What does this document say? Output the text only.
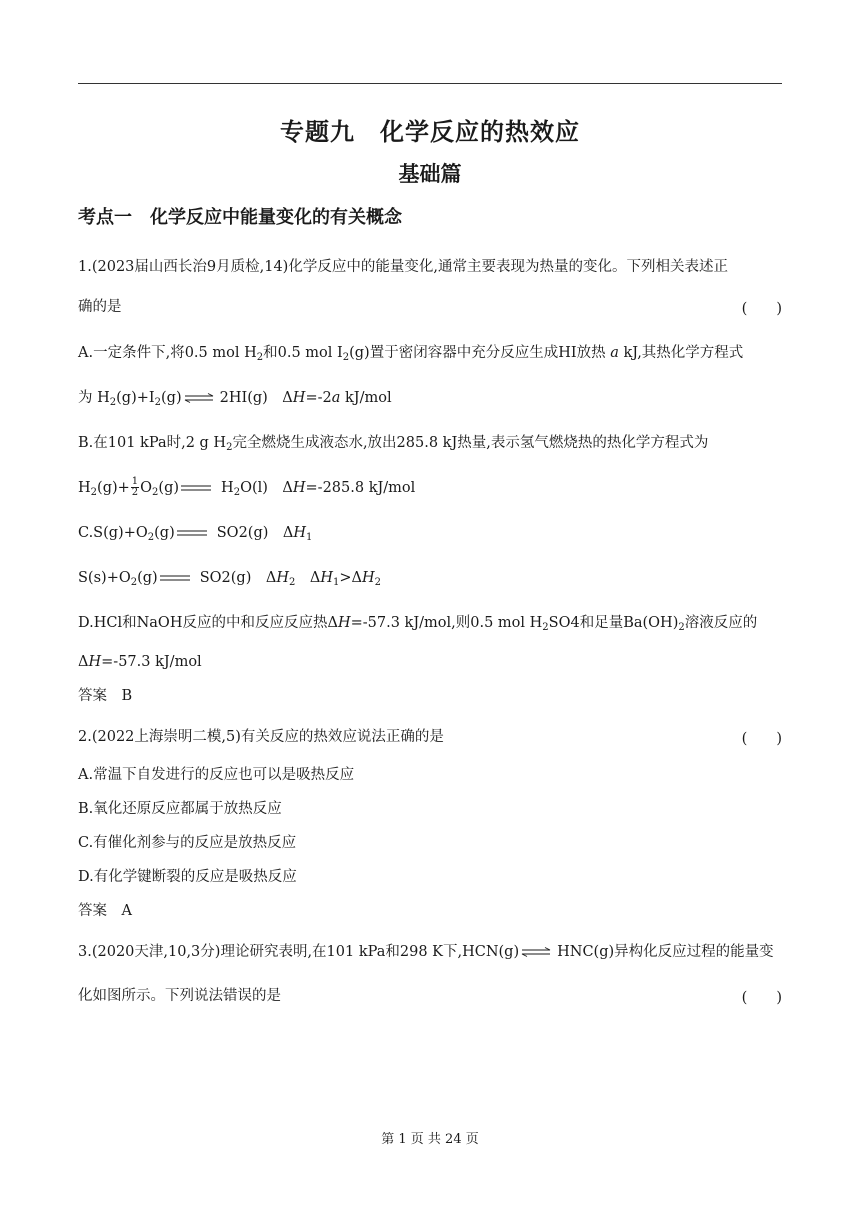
专题九　化学反应的热效应
基础篇
考点一　化学反应中能量变化的有关概念
1.(2023届山西长治9月质检,14)化学反应中的能量变化,通常主要表现为热量的变化。下列相关表述正
确的是	(　　)
A.一定条件下,将0.5 mol $H_2$和0.5 mol $I_2(g)$置于密闭容器中充分反应生成HI放热 a kJ,其热化学方程式
为 $H_2(g)+I_2(g)$ ⇌ 2HI(g)　ΔH=-2a kJ/mol
B.在101 kPa时,2 g $H_2$完全燃烧生成液态水,放出285.8 kJ热量,表示氢气燃烧热的热化学方程式为
$H_2(g)+ \frac{1}{2} O_2(g)$	$H_2O(l)$　ΔH=-285.8 kJ/mol
$C.S(g)+O_2(g)$	SO2(g)　$\Delta H_1$
$S(s)+O_2(g)$	SO2(g)　$\Delta H_2$　$\Delta H_1>\Delta H_2$
D.HCl和NaOH反应的中和反应反应热ΔH=-57.3 kJ/mol,则0.5 mol $H_2SO4$和足量$Ba(OH)_2$溶液反应的
ΔH=-57.3 kJ/mol
答案　B
2.(2022上海崇明二模,5)有关反应的热效应说法正确的是	(　　)
A.常温下自发进行的反应也可以是吸热反应
B.氧化还原反应都属于放热反应
C.有催化剂参与的反应是放热反应
D.有化学键断裂的反应是吸热反应
答案　A
3.(2020天津,10,3分)理论研究表明,在101 kPa和298 K下,HCN(g) ⇌ HNC(g)异构化反应过程的能量变
化如图所示。下列说法错误的是	(　　)
第 1 页 共 24 页
